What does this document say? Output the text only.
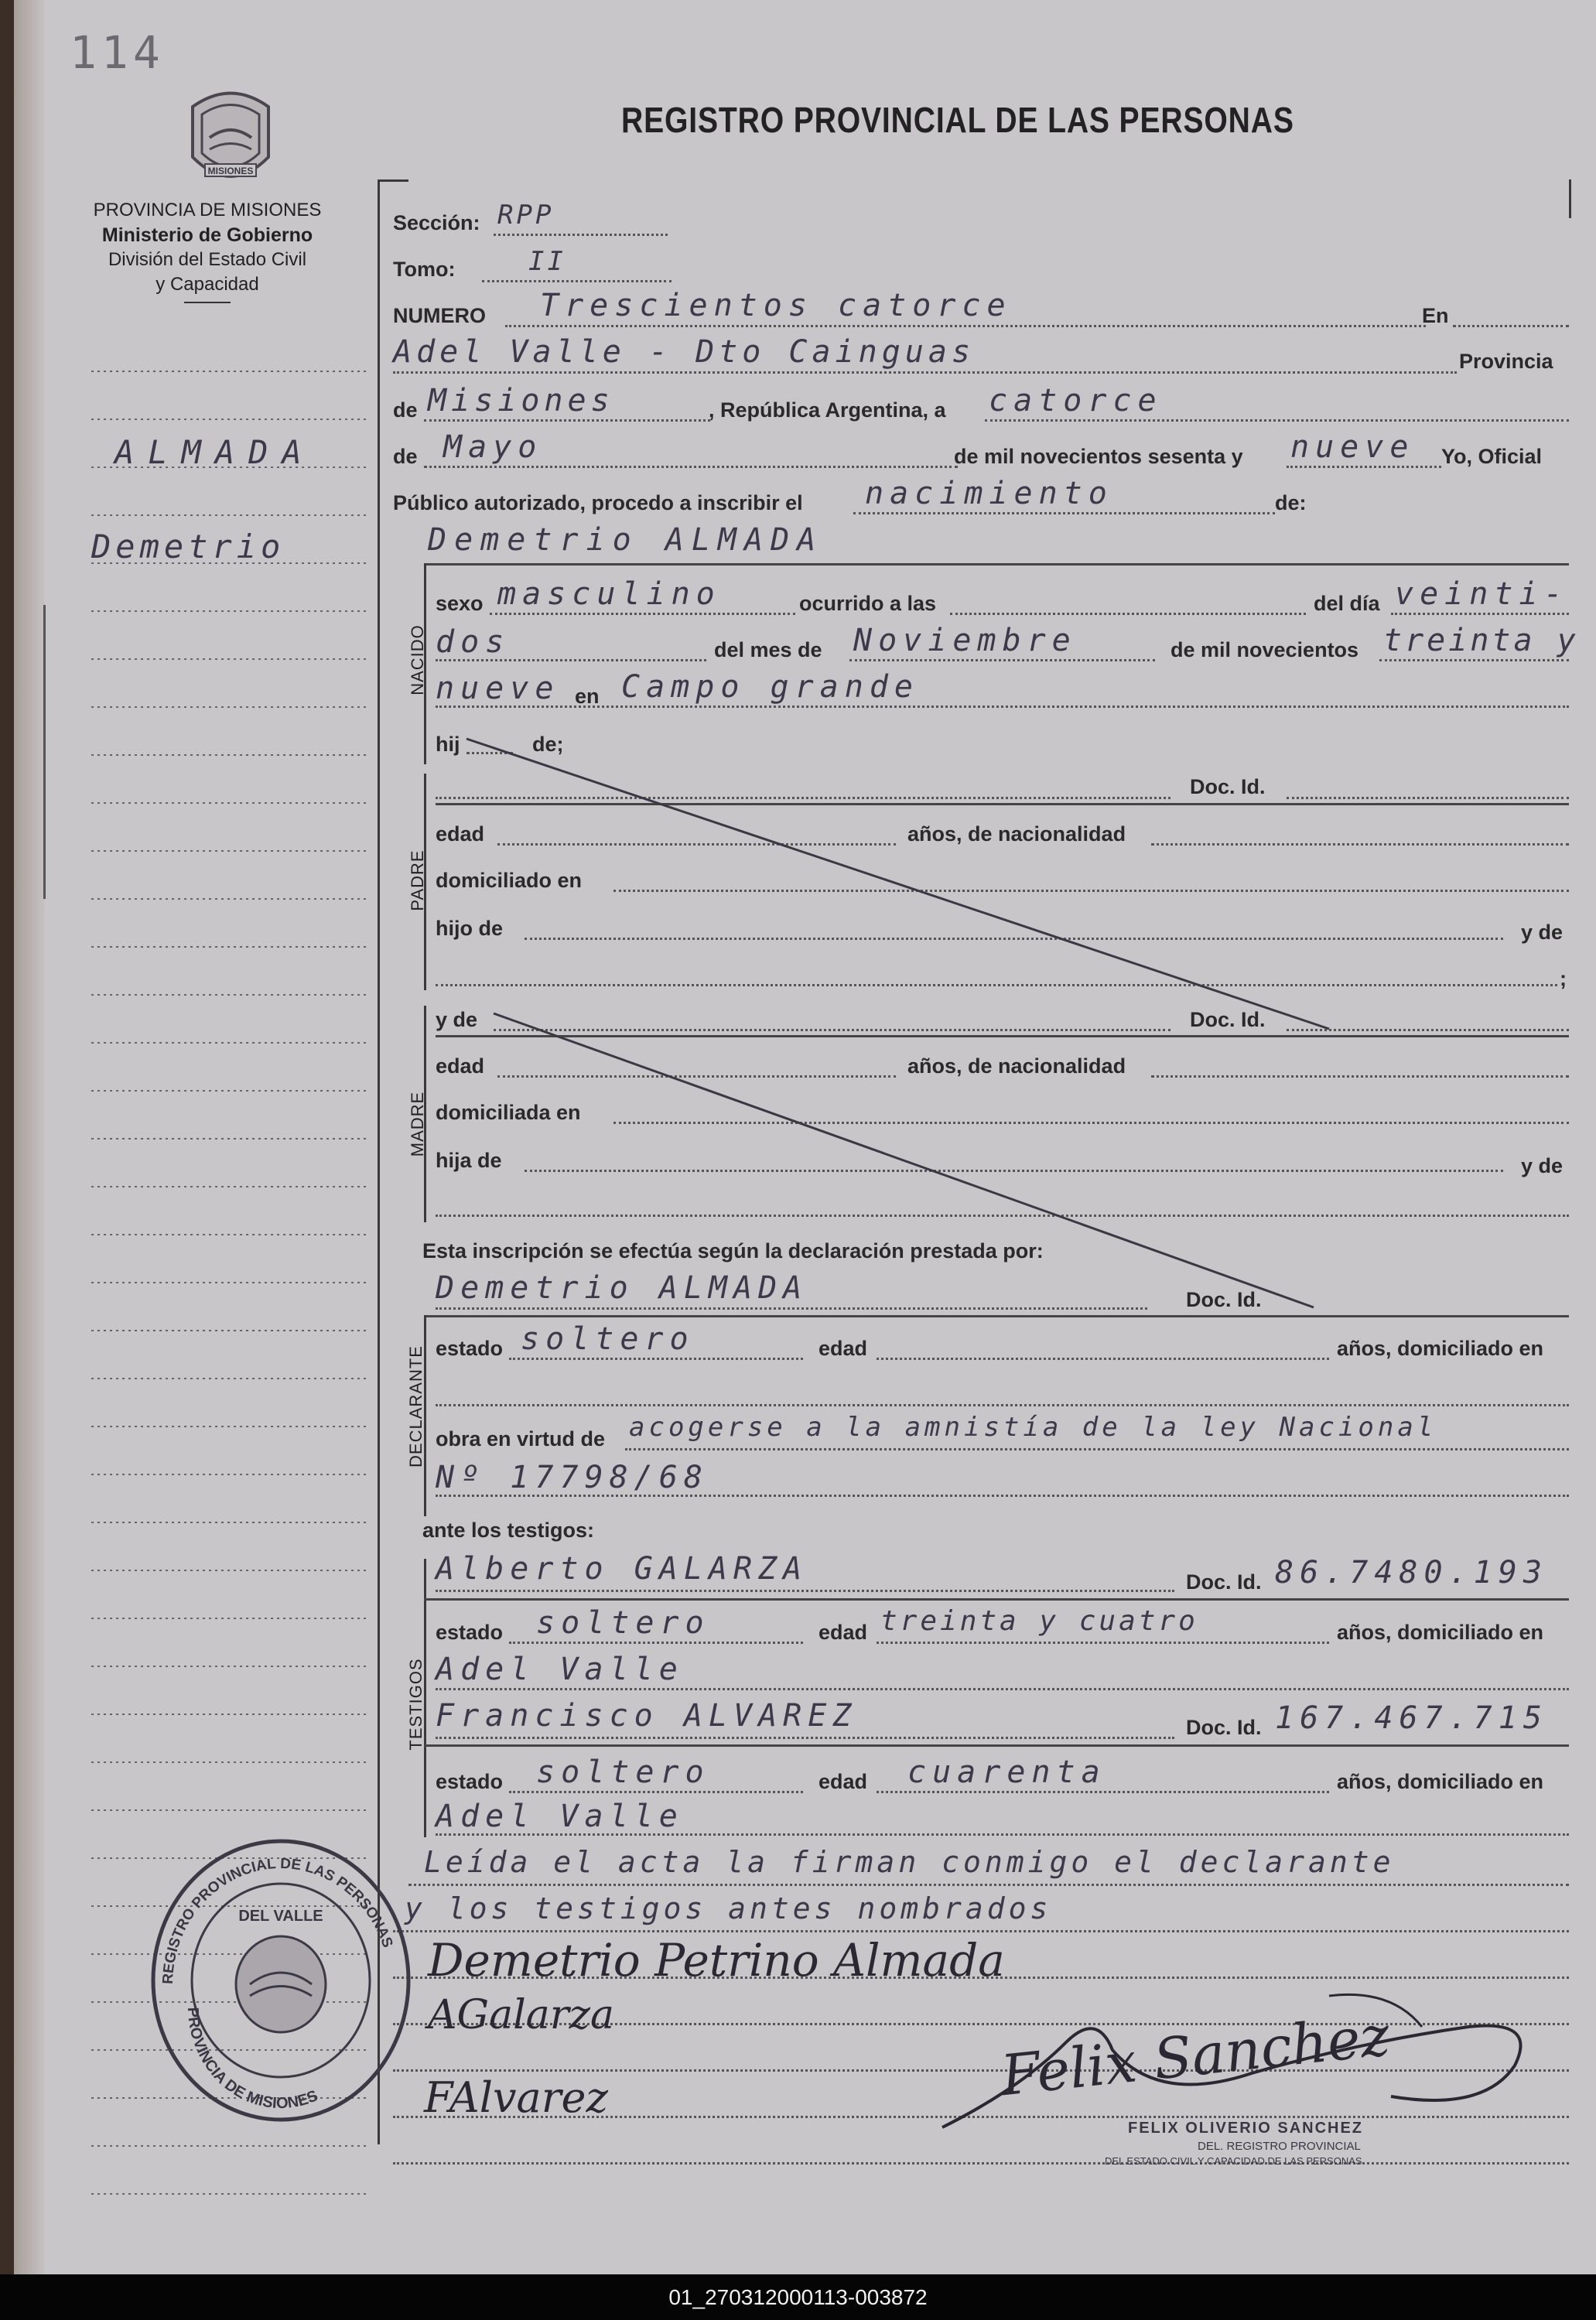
114
MISIONES
PROVINCIA DE MISIONES
Ministerio de Gobierno
División del Estado Civil
y Capacidad
REGISTRO PROVINCIAL DE LAS PERSONAS
ALMADA
Demetrio
Sección: RPP
Tomo:	II
NUMERO Trescientos catorce	En
Adel Valle - Dto Cainguas	Provincia
de Misiones	, República Argentina, a catorce
de Mayo	de mil novecientos sesenta y nueve Yo, Oficial
Público autorizado, procedo a inscribir el nacimiento	de:
Demetrio ALMADA
NACIDO
sexo masculino	ocurrido a las	del día veinti-
dos	del mes de Noviembre	de mil novecientos treinta y
nueve en Campo grande
hij	de;
PADRE
Doc. Id.
edad	años, de nacionalidad
domiciliado en
hijo de	y de
;
MADRE
y de	Doc. Id.
edad	años, de nacionalidad
domiciliada en
hija de	y de
Esta inscripción se efectúa según la declaración prestada por:
Demetrio ALMADA	Doc. Id.
DECLARANTE estado soltero	edad	años, domiciliado en
obra en virtud de acogerse a la amnistía de la ley Nacional
Nº 17798/68
ante los testigos:
TESTIGOS
Alberto GALARZA	Doc. Id. 86.7480.193
estado soltero	edad treinta y cuatro	años, domiciliado en
Adel Valle
Francisco ALVAREZ	Doc. Id. 167.467.715
estado soltero	edad cuarenta	años, domiciliado en
Adel Valle
Leída el acta la firman conmigo el declarante
y los testigos antes nombrados
Demetrio Petrino Almada
AGalarza
FAlvarez	Felix Sanchez
FELIX OLIVERIO SANCHEZ
DEL. REGISTRO PROVINCIAL
DEL ESTADO CIVIL Y CAPACIDAD DE LAS PERSONAS
REGISTRO PROVINCIAL DE LAS PERSONAS
DEL VALLE
PROVINCIA DE MISIONES
01_270312000113-003872
